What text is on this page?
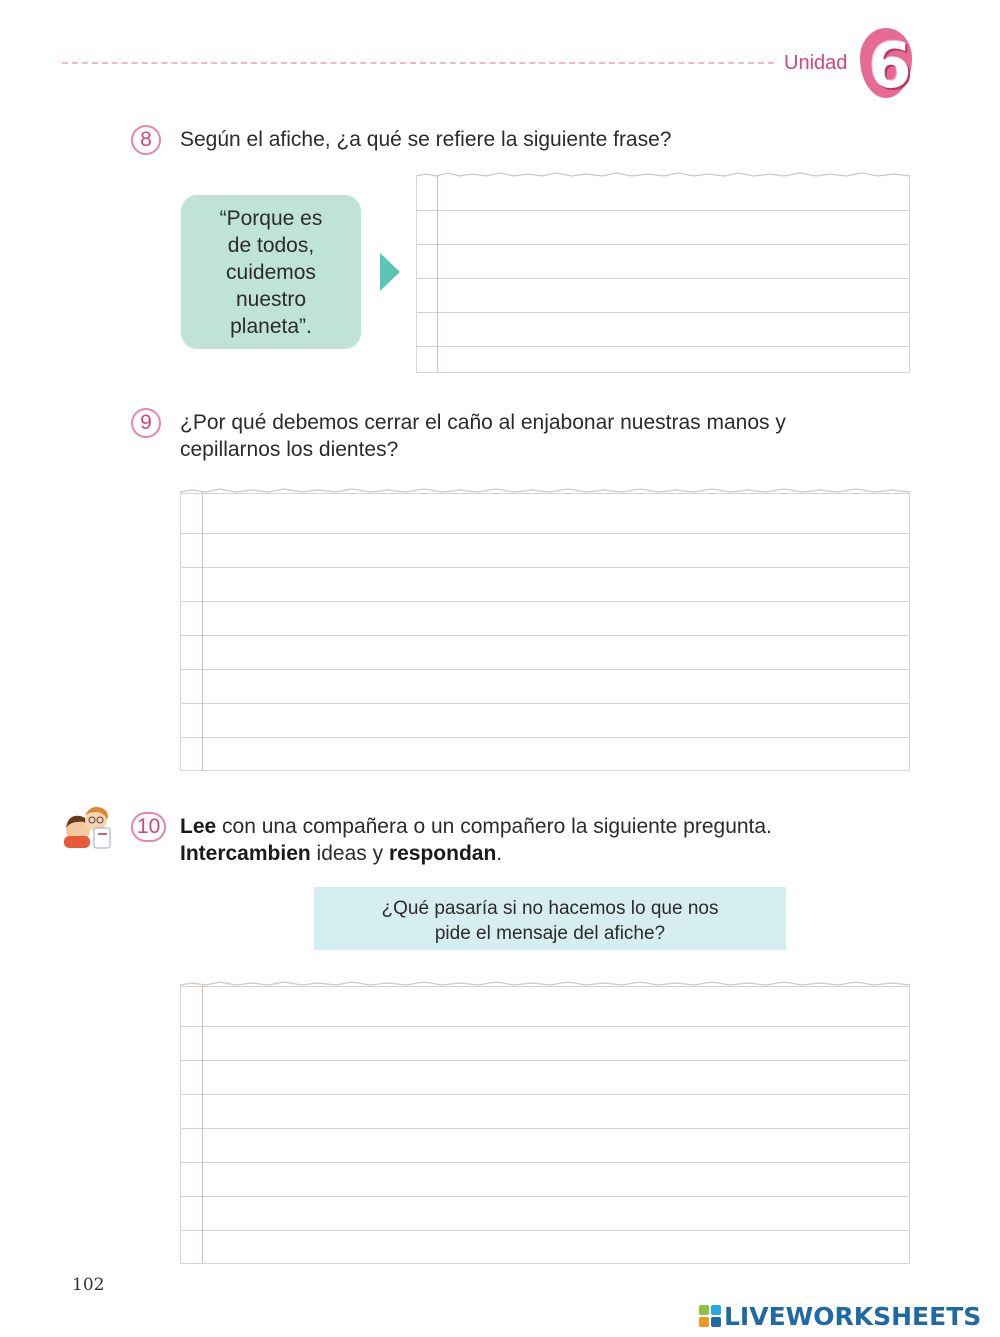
Unidad 6
8	Según el afiche, ¿a qué se refiere la siguiente frase?
“Porque es
de todos,
cuidemos
nuestro
planeta”.
9	¿Por qué debemos cerrar el caño al enjabonar nuestras manos y
cepillarnos los dientes?
10 Lee con una compañera o un compañero la siguiente pregunta.
Intercambien ideas y respondan.
¿Qué pasaría si no hacemos lo que nos
pide el mensaje del afiche?
102
LIVEWORKSHEETS
